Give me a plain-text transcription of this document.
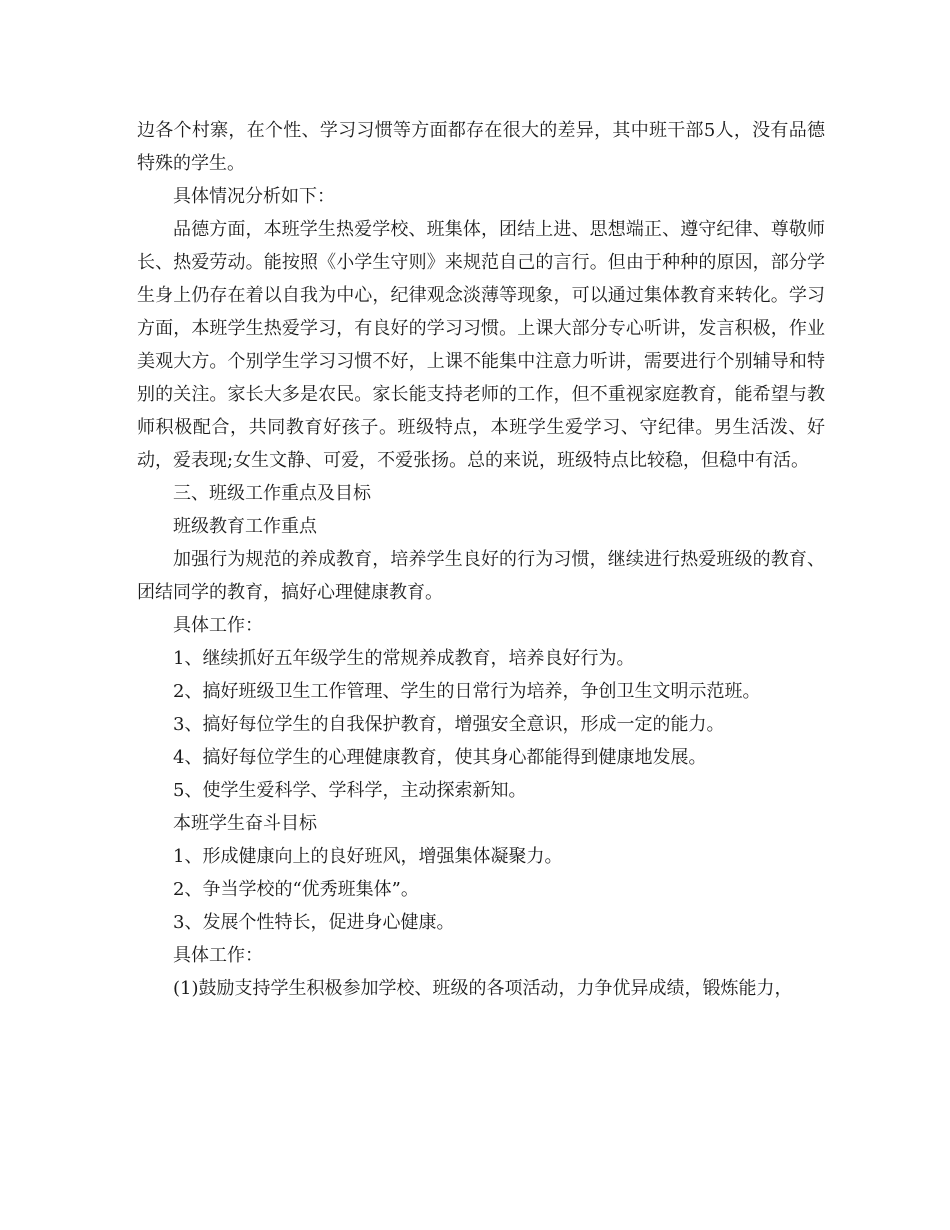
边各个村寨，在个性、学习习惯等方面都存在很大的差异，其中班干部5人，没有品德特殊的学生。

具体情况分析如下：

品德方面，本班学生热爱学校、班集体，团结上进、思想端正、遵守纪律、尊敬师长、热爱劳动。能按照《小学生守则》来规范自己的言行。但由于种种的原因，部分学生身上仍存在着以自我为中心，纪律观念淡薄等现象，可以通过集体教育来转化。学习方面，本班学生热爱学习，有良好的学习习惯。上课大部分专心听讲，发言积极，作业美观大方。个别学生学习习惯不好，上课不能集中注意力听讲，需要进行个别辅导和特别的关注。家长大多是农民。家长能支持老师的工作，但不重视家庭教育，能希望与教师积极配合，共同教育好孩子。班级特点，本班学生爱学习、守纪律。男生活泼、好动，爱表现;女生文静、可爱，不爱张扬。总的来说，班级特点比较稳，但稳中有活。

三、班级工作重点及目标

班级教育工作重点

加强行为规范的养成教育，培养学生良好的行为习惯，继续进行热爱班级的教育、团结同学的教育，搞好心理健康教育。

具体工作：

1、继续抓好五年级学生的常规养成教育，培养良好行为。

2、搞好班级卫生工作管理、学生的日常行为培养，争创卫生文明示范班。

3、搞好每位学生的自我保护教育，增强安全意识，形成一定的能力。

4、搞好每位学生的心理健康教育，使其身心都能得到健康地发展。

5、使学生爱科学、学科学，主动探索新知。

本班学生奋斗目标

1、形成健康向上的良好班风，增强集体凝聚力。

2、争当学校的“优秀班集体”。

3、发展个性特长，促进身心健康。

具体工作：

(1)鼓励支持学生积极参加学校、班级的各项活动，力争优异成绩，锻炼能力，
